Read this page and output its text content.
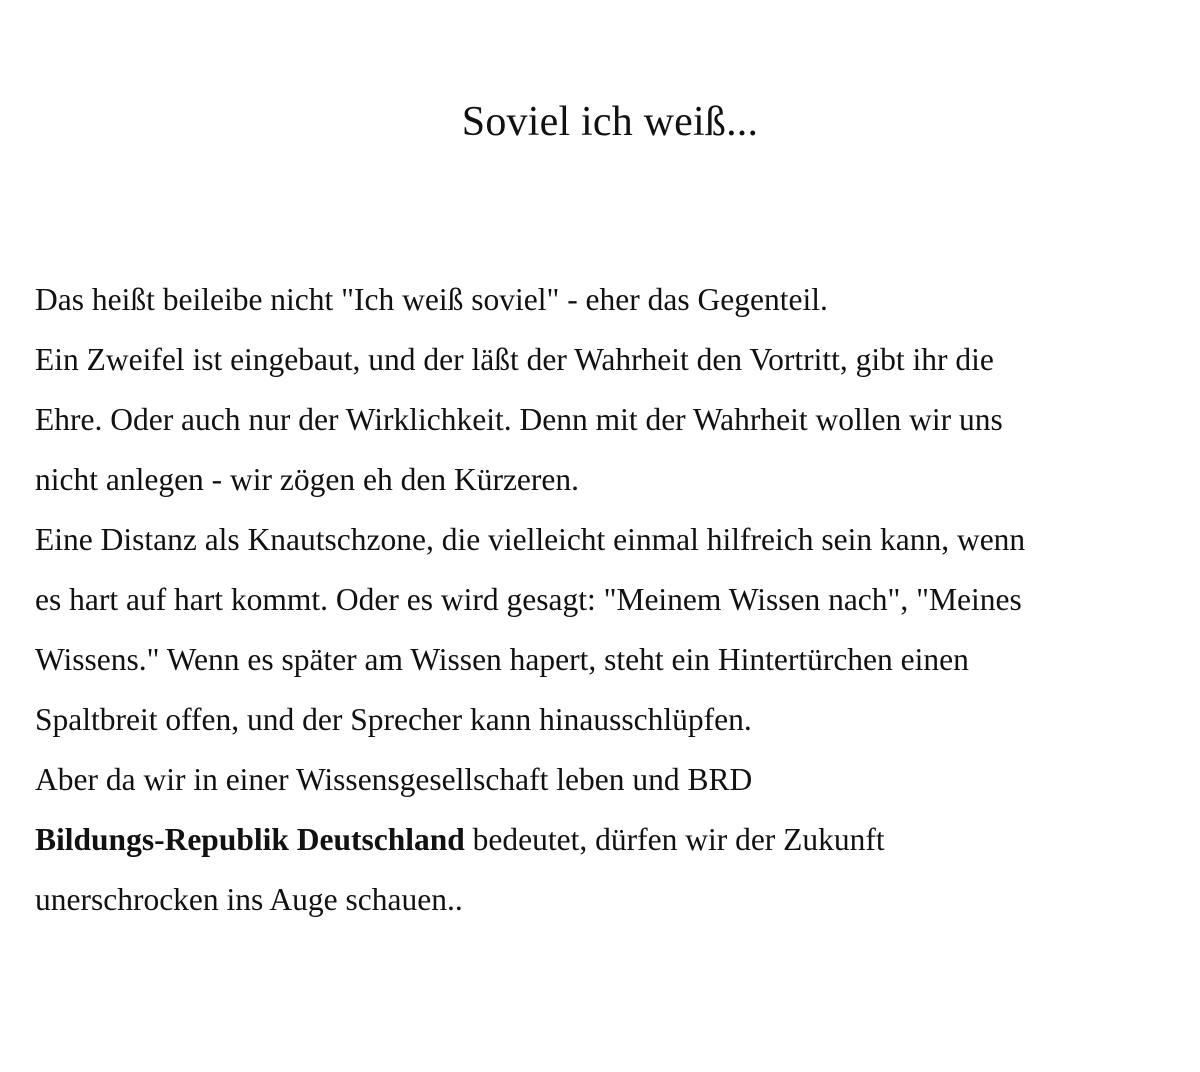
Soviel ich weiß...
Das heißt beileibe nicht "Ich weiß soviel" - eher das Gegenteil.
Ein Zweifel ist eingebaut, und der läßt der Wahrheit den Vortritt, gibt ihr die
Ehre. Oder auch nur der Wirklichkeit. Denn mit der Wahrheit wollen wir uns
nicht anlegen - wir zögen eh den Kürzeren.
Eine Distanz als Knautschzone, die vielleicht einmal hilfreich sein kann, wenn
es hart auf hart kommt. Oder es wird gesagt: "Meinem Wissen nach", "Meines
Wissens." Wenn es später am Wissen hapert, steht ein Hintertürchen einen
Spaltbreit offen, und der Sprecher kann hinausschlüpfen.
Aber da wir in einer Wissensgesellschaft leben und BRD
Bildungs-Republik Deutschland bedeutet, dürfen wir der Zukunft
unerschrocken ins Auge schauen..
